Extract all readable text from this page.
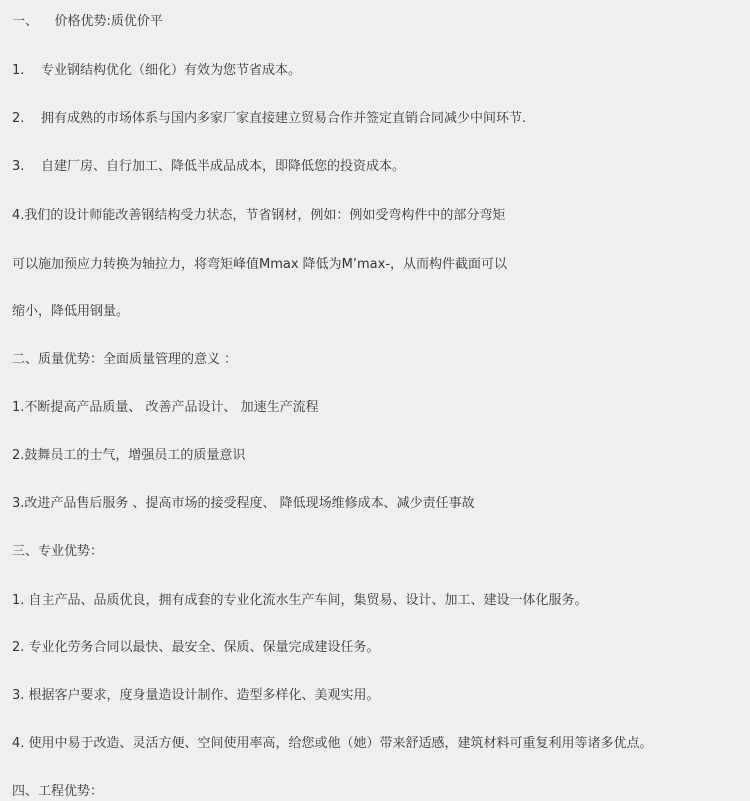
一、 价格优势:质优价平
1. 专业钢结构优化（细化）有效为您节省成本。
2. 拥有成熟的市场体系与国内多家厂家直接建立贸易合作并签定直销合同减少中间环节.
3. 自建厂房、自行加工、降低半成品成本，即降低您的投资成本。
4.我们的设计师能改善钢结构受力状态，节省钢材，例如：例如受弯构件中的部分弯矩
可以施加预应力转换为轴拉力，将弯矩峰值Mmax 降低为M’max-，从而构件截面可以
缩小，降低用钢量。
二、质量优势：全面质量管理的意义 ：
1.不断提高产品质量、 改善产品设计、 加速生产流程
2.鼓舞员工的士气，增强员工的质量意识
3.改进产品售后服务 、提高市场的接受程度、 降低现场维修成本、减少责任事故
三、专业优势：
1. 自主产品、品质优良，拥有成套的专业化流水生产车间，集贸易、设计、加工、建设一体化服务。
2. 专业化劳务合同以最快、最安全、保质、保量完成建设任务。
3. 根据客户要求，度身量造设计制作、造型多样化、美观实用。
4. 使用中易于改造、灵活方便、空间使用率高，给您或他（她）带来舒适感，建筑材料可重复利用等诸多优点。
四、工程优势：
